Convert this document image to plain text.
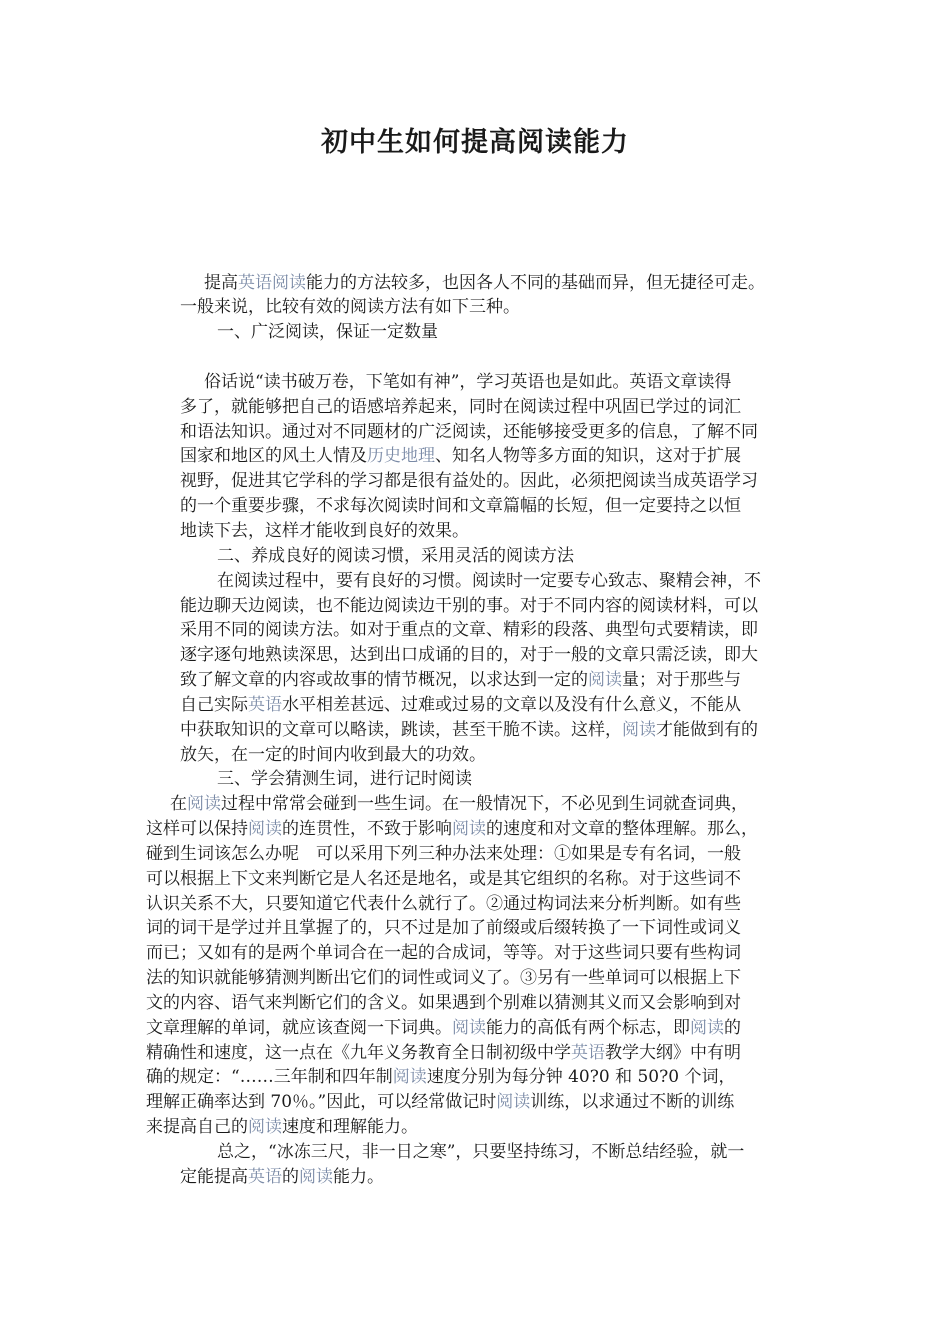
初中生如何提高阅读能力
提高英语阅读能力的方法较多，也因各人不同的基础而异，但无捷径可走。
一般来说，比较有效的阅读方法有如下三种。
一、广泛阅读，保证一定数量
俗话说“读书破万卷，下笔如有神”，学习英语也是如此。英语文章读得
多了，就能够把自己的语感培养起来，同时在阅读过程中巩固已学过的词汇
和语法知识。通过对不同题材的广泛阅读，还能够接受更多的信息，了解不同
国家和地区的风土人情及历史地理、知名人物等多方面的知识，这对于扩展
视野，促进其它学科的学习都是很有益处的。因此，必须把阅读当成英语学习
的一个重要步骤，不求每次阅读时间和文章篇幅的长短，但一定要持之以恒
地读下去，这样才能收到良好的效果。
二、养成良好的阅读习惯，采用灵活的阅读方法
在阅读过程中，要有良好的习惯。阅读时一定要专心致志、聚精会神，不
能边聊天边阅读，也不能边阅读边干别的事。对于不同内容的阅读材料，可以
采用不同的阅读方法。如对于重点的文章、精彩的段落、典型句式要精读，即
逐字逐句地熟读深思，达到出口成诵的目的，对于一般的文章只需泛读，即大
致了解文章的内容或故事的情节概况，以求达到一定的阅读量；对于那些与
自己实际英语水平相差甚远、过难或过易的文章以及没有什么意义，不能从
中获取知识的文章可以略读，跳读，甚至干脆不读。这样，阅读才能做到有的
放矢，在一定的时间内收到最大的功效。
三、学会猜测生词，进行记时阅读
在阅读过程中常常会碰到一些生词。在一般情况下，不必见到生词就查词典，
这样可以保持阅读的连贯性，不致于影响阅读的速度和对文章的整体理解。那么，
碰到生词该怎么办呢　可以采用下列三种办法来处理：①如果是专有名词，一般
可以根据上下文来判断它是人名还是地名，或是其它组织的名称。对于这些词不
认识关系不大，只要知道它代表什么就行了。②通过构词法来分析判断。如有些
词的词干是学过并且掌握了的，只不过是加了前缀或后缀转换了一下词性或词义
而已；又如有的是两个单词合在一起的合成词，等等。对于这些词只要有些构词
法的知识就能够猜测判断出它们的词性或词义了。③另有一些单词可以根据上下
文的内容、语气来判断它们的含义。如果遇到个别难以猜测其义而又会影响到对
文章理解的单词，就应该查阅一下词典。阅读能力的高低有两个标志，即阅读的
精确性和速度，这一点在《九年义务教育全日制初级中学英语教学大纲》中有明
确的规定：“……三年制和四年制阅读速度分别为每分钟 40?0 和 50?0 个词，
理解正确率达到 70％。”因此，可以经常做记时阅读训练，以求通过不断的训练
来提高自己的阅读速度和理解能力。
总之，“冰冻三尺，非一日之寒”，只要坚持练习，不断总结经验，就一
定能提高英语的阅读能力。
